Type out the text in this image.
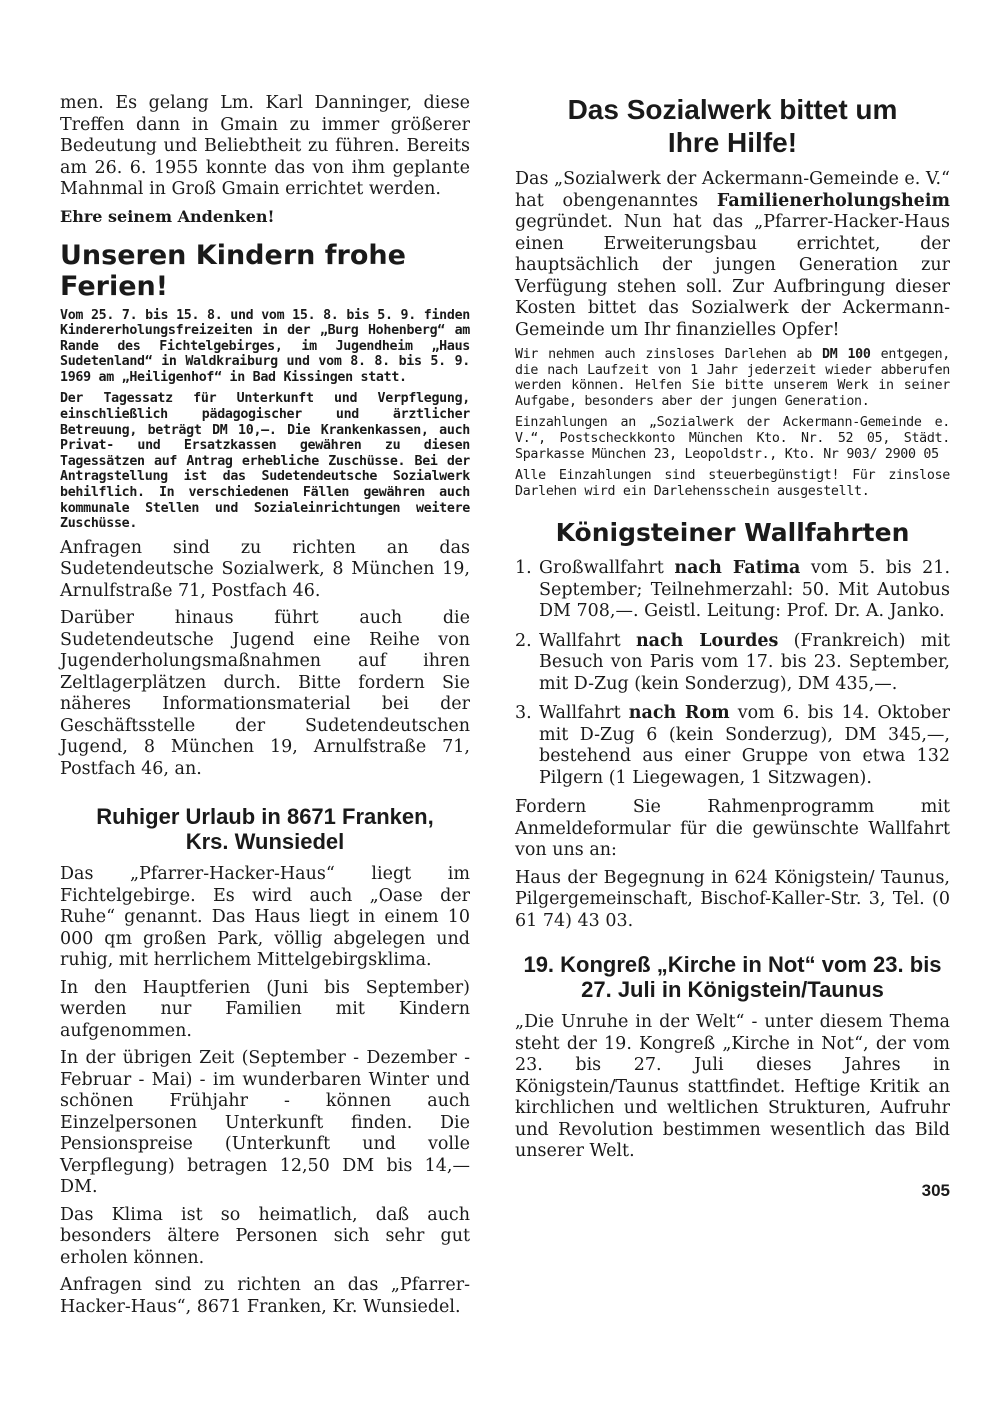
men. Es gelang Lm. Karl Danninger, diese Treffen dann in Gmain zu immer größerer Bedeutung und Beliebtheit zu führen. Bereits am 26. 6. 1955 konnte das von ihm geplante Mahnmal in Groß Gmain errichtet werden.

Ehre seinem Andenken!

Unseren Kindern frohe Ferien!

Vom 25. 7. bis 15. 8. und vom 15. 8. bis 5. 9. finden Kindererholungsfreizeiten in der „Burg Hohenberg“ am Rande des Fichtelgebirges, im Jugendheim „Haus Sudetenland“ in Waldkraiburg und vom 8. 8. bis 5. 9. 1969 am „Heiligenhof“ in Bad Kissingen statt.

Der Tagessatz für Unterkunft und Verpflegung, einschließlich pädagogischer und ärztlicher Betreuung, beträgt DM 10,—. Die Krankenkassen, auch Privat- und Ersatzkassen gewähren zu diesen Tagessätzen auf Antrag erhebliche Zuschüsse. Bei der Antragstellung ist das Sudetendeutsche Sozialwerk behilflich. In verschiedenen Fällen gewähren auch kommunale Stellen und Sozialeinrichtungen weitere Zuschüsse.

Anfragen sind zu richten an das Sudetendeutsche Sozialwerk, 8 München 19, Arnulfstraße 71, Postfach 46.

Darüber hinaus führt auch die Sudetendeutsche Jugend eine Reihe von Jugenderholungsmaßnahmen auf ihren Zeltlagerplätzen durch. Bitte fordern Sie näheres Informationsmaterial bei der Geschäftsstelle der Sudetendeutschen Jugend, 8 München 19, Arnulfstraße 71, Postfach 46, an.

Ruhiger Urlaub in 8671 Franken,
Krs. Wunsiedel

Das „Pfarrer-Hacker-Haus“ liegt im Fichtelgebirge. Es wird auch „Oase der Ruhe“ genannt. Das Haus liegt in einem 10 000 qm großen Park, völlig abgelegen und ruhig, mit herrlichem Mittelgebirgsklima.

In den Hauptferien (Juni bis September) werden nur Familien mit Kindern aufgenommen.

In der übrigen Zeit (September - Dezember - Februar - Mai) - im wunderbaren Winter und schönen Frühjahr - können auch Einzelpersonen Unterkunft finden. Die Pensionspreise (Unterkunft und volle Verpflegung) betragen 12,50 DM bis 14,— DM.

Das Klima ist so heimatlich, daß auch besonders ältere Personen sich sehr gut erholen können.

Anfragen sind zu richten an das „Pfarrer-Hacker-Haus“, 8671 Franken, Kr. Wunsiedel.

Das Sozialwerk bittet um
Ihre Hilfe!

Das „Sozialwerk der Ackermann-Gemeinde e. V.“ hat obengenanntes Familienerholungsheim gegründet. Nun hat das „Pfarrer-Hacker-Haus einen Erweiterungsbau errichtet, der hauptsächlich der jungen Generation zur Verfügung stehen soll. Zur Aufbringung dieser Kosten bittet das Sozialwerk der Ackermann-Gemeinde um Ihr finanzielles Opfer!

Wir nehmen auch zinsloses Darlehen ab DM 100 entgegen, die nach Laufzeit von 1 Jahr jederzeit wieder abberufen werden können. Helfen Sie bitte unserem Werk in seiner Aufgabe, besonders aber der jungen Generation.

Einzahlungen an „Sozialwerk der Ackermann-Gemeinde e. V.“, Postscheckkonto München Kto. Nr. 52 05, Städt. Sparkasse München 23, Leopoldstr., Kto. Nr 903/ 2900 05

Alle Einzahlungen sind steuerbegünstigt! Für zinslose Darlehen wird ein Darlehensschein ausgestellt.

Königsteiner Wallfahrten
1. Großwallfahrt nach Fatima vom 5. bis 21. September; Teilnehmerzahl: 50. Mit Autobus DM 708,—. Geistl. Leitung: Prof. Dr. A. Janko.
2. Wallfahrt nach Lourdes (Frankreich) mit Besuch von Paris vom 17. bis 23. September, mit D-Zug (kein Sonderzug), DM 435,—.
3. Wallfahrt nach Rom vom 6. bis 14. Oktober mit D-Zug 6 (kein Sonderzug), DM 345,—, bestehend aus einer Gruppe von etwa 132 Pilgern (1 Liegewagen, 1 Sitzwagen).

Fordern Sie Rahmenprogramm mit Anmeldeformular für die gewünschte Wallfahrt von uns an:

Haus der Begegnung in 624 Königstein/ Taunus, Pilgergemeinschaft, Bischof-Kaller-Str. 3, Tel. (0 61 74) 43 03.

19. Kongreß „Kirche in Not“ vom 23. bis
27. Juli in Königstein/Taunus

„Die Unruhe in der Welt“ - unter diesem Thema steht der 19. Kongreß „Kirche in Not“, der vom 23. bis 27. Juli dieses Jahres in Königstein/Taunus stattfindet. Heftige Kritik an kirchlichen und weltlichen Strukturen, Aufruhr und Revolution bestimmen wesentlich das Bild unserer Welt.

305
